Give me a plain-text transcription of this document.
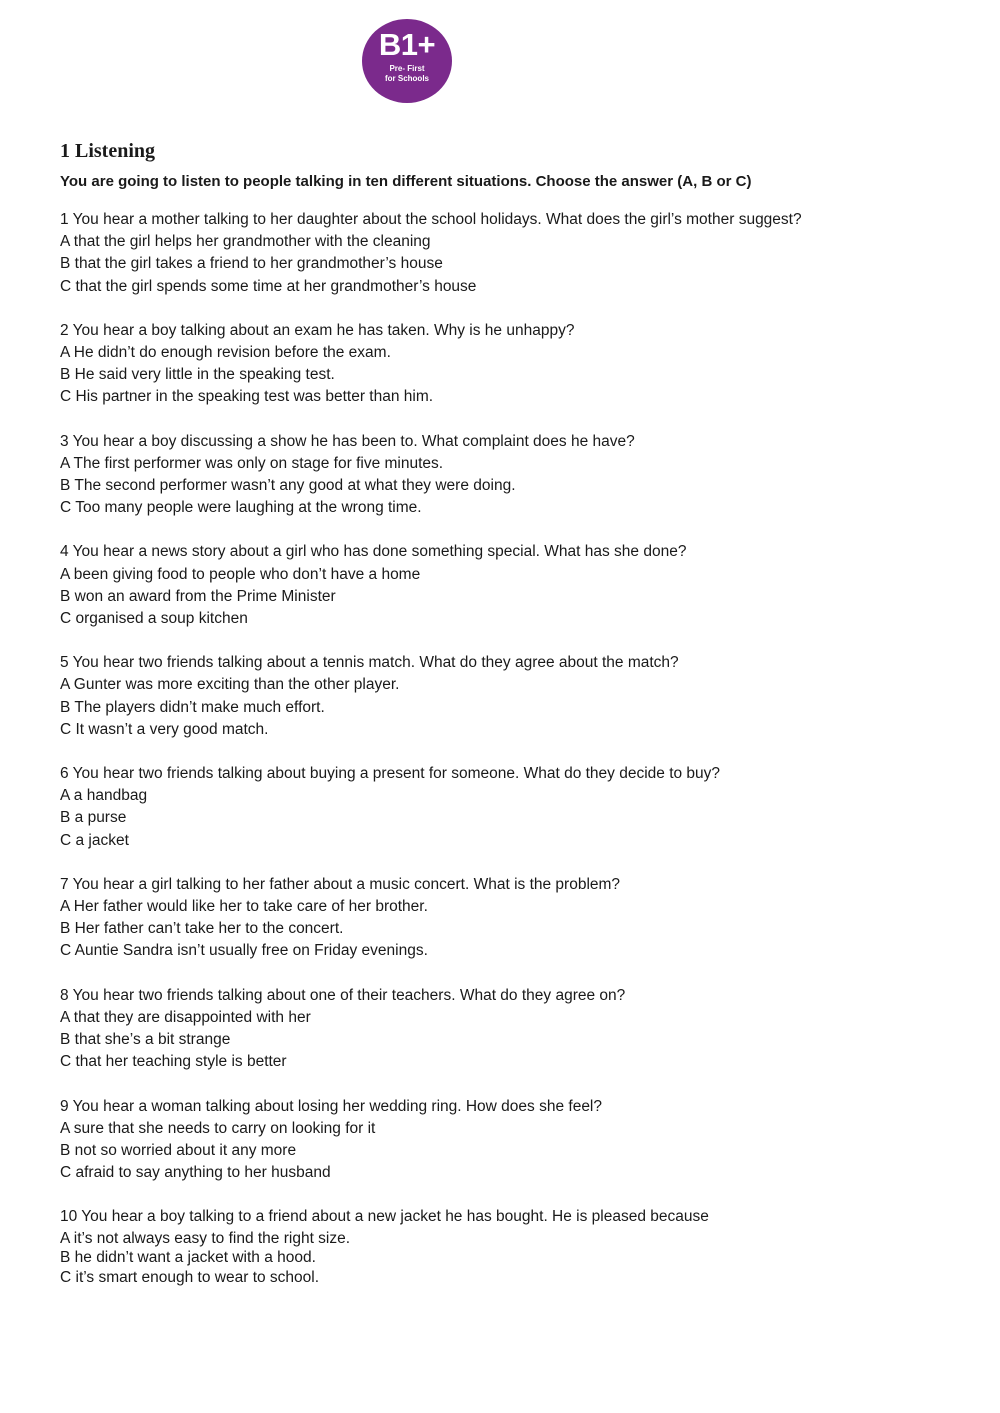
B1+
Pre- First
for Schools
1 Listening

You are going to listen to people talking in ten different situations. Choose the answer (A, B or C)

1 You hear a mother talking to her daughter about the school holidays. What does the girl’s mother suggest?
A that the girl helps her grandmother with the cleaning
B that the girl takes a friend to her grandmother’s house
C that the girl spends some time at her grandmother’s house
2 You hear a boy talking about an exam he has taken. Why is he unhappy?
A He didn’t do enough revision before the exam.
B He said very little in the speaking test.
C His partner in the speaking test was better than him.
3 You hear a boy discussing a show he has been to. What complaint does he have?
A The first performer was only on stage for five minutes.
B The second performer wasn’t any good at what they were doing.
C Too many people were laughing at the wrong time.
4 You hear a news story about a girl who has done something special. What has she done?
A been giving food to people who don’t have a home
B won an award from the Prime Minister
C organised a soup kitchen
5 You hear two friends talking about a tennis match. What do they agree about the match?
A Gunter was more exciting than the other player.
B The players didn’t make much effort.
C It wasn’t a very good match.
6 You hear two friends talking about buying a present for someone. What do they decide to buy?
A a handbag
B a purse
C a jacket
7 You hear a girl talking to her father about a music concert. What is the problem?
A Her father would like her to take care of her brother.
B Her father can’t take her to the concert.
C Auntie Sandra isn’t usually free on Friday evenings.
8 You hear two friends talking about one of their teachers. What do they agree on?
A that they are disappointed with her
B that she’s a bit strange
C that her teaching style is better
9 You hear a woman talking about losing her wedding ring. How does she feel?
A sure that she needs to carry on looking for it
B not so worried about it any more
C afraid to say anything to her husband
10 You hear a boy talking to a friend about a new jacket he has bought. He is pleased because
A it’s not always easy to find the right size.
B he didn’t want a jacket with a hood.
C it’s smart enough to wear to school.
